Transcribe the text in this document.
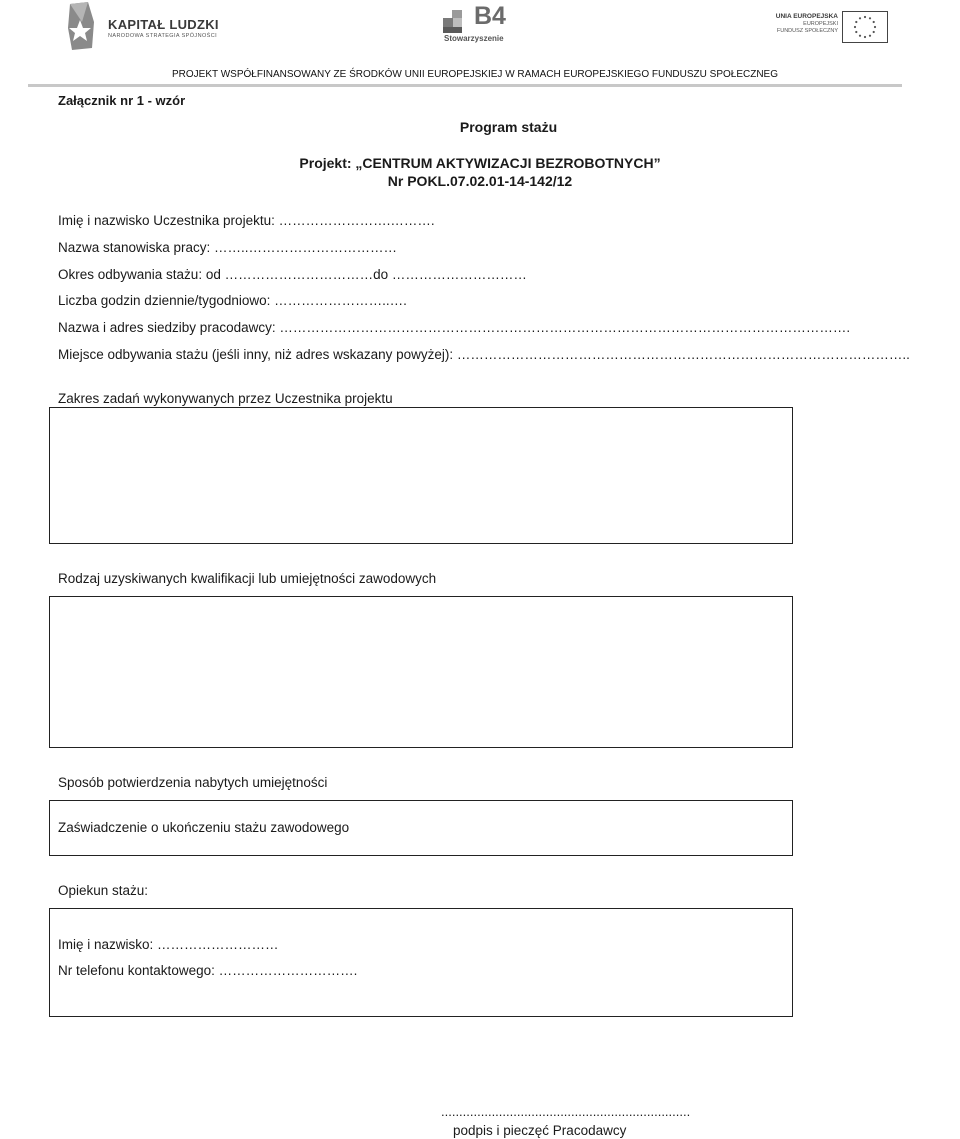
KAPITAŁ LUDZKI
NARODOWA STRATEGIA SPÓJNOŚCI
B4
Stowarzyszenie
UNIA EUROPEJSKA
EUROPEJSKI
FUNDUSZ SPOŁECZNY
PROJEKT WSPÓŁFINANSOWANY ZE ŚRODKÓW UNII EUROPEJSKIEJ W RAMACH EUROPEJSKIEGO FUNDUSZU SPOŁECZNEG
Załącznik nr 1 - wzór
Program stażu
Projekt: „CENTRUM AKTYWIZACJI BEZROBOTNYCH”
Nr POKL.07.02.01-14-142/12
Imię i nazwisko Uczestnika projektu: …………………….……….
Nazwa stanowiska pracy: ……..……………………………
Okres odbywania stażu: od ……………………………do …………………………
Liczba godzin dziennie/tygodniowo: ……………………..….
Nazwa i adres siedziby pracodawcy: ……………………………………………………………………………………………………………….
Miejsce odbywania stażu (jeśli inny, niż adres wskazany powyżej): ………………………………………………………………………………………..
Zakres zadań wykonywanych przez Uczestnika projektu
Rodzaj uzyskiwanych kwalifikacji lub umiejętności zawodowych
Sposób potwierdzenia nabytych umiejętności
Zaświadczenie o ukończeniu stażu zawodowego
Opiekun stażu:
Imię i nazwisko: ………………………
Nr telefonu kontaktowego: ………………………….
.....................................................................
podpis i pieczęć Pracodawcy
